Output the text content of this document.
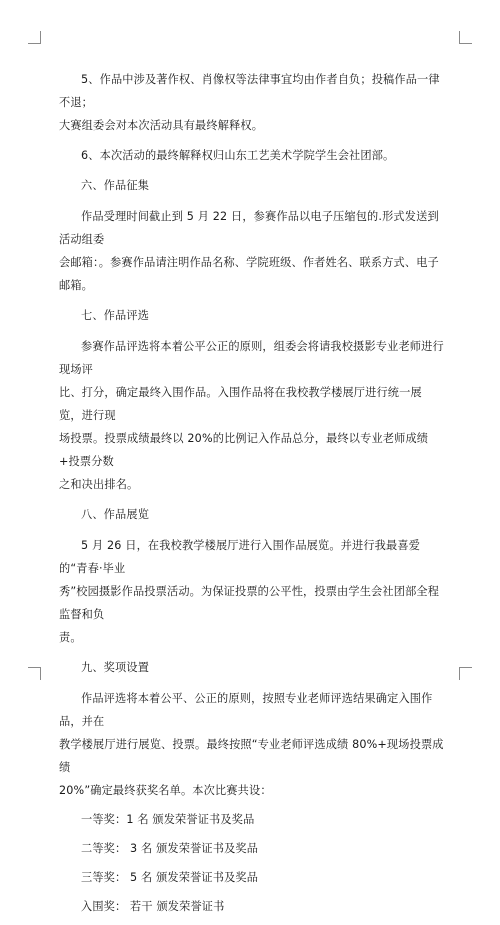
5、作品中涉及著作权、肖像权等法律事宜均由作者自负；投稿作品一律不退；
大赛组委会对本次活动具有最终解释权。
6、本次活动的最终解释权归山东工艺美术学院学生会社团部。
六、作品征集
作品受理时间截止到 5 月 22 日，参赛作品以电子压缩包的.形式发送到活动组委
会邮箱：。参赛作品请注明作品名称、学院班级、作者姓名、联系方式、电子邮箱。
七、作品评选
参赛作品评选将本着公平公正的原则，组委会将请我校摄影专业老师进行现场评
比、打分，确定最终入围作品。入围作品将在我校教学楼展厅进行统一展览，进行现
场投票。投票成绩最终以 20%的比例记入作品总分，最终以专业老师成绩+投票分数
之和决出排名。
八、作品展览
5 月 26 日，在我校教学楼展厅进行入围作品展览。并进行我最喜爱的“青春·毕业
秀”校园摄影作品投票活动。为保证投票的公平性，投票由学生会社团部全程监督和负
责。
九、奖项设置
作品评选将本着公平、公正的原则，按照专业老师评选结果确定入围作品，并在
教学楼展厅进行展览、投票。最终按照“专业老师评选成绩 80%+现场投票成绩
20%”确定最终获奖名单。本次比赛共设：
一等奖：1 名 颁发荣誉证书及奖品
二等奖： 3 名 颁发荣誉证书及奖品
三等奖： 5 名 颁发荣誉证书及奖品
入围奖： 若干 颁发荣誉证书
